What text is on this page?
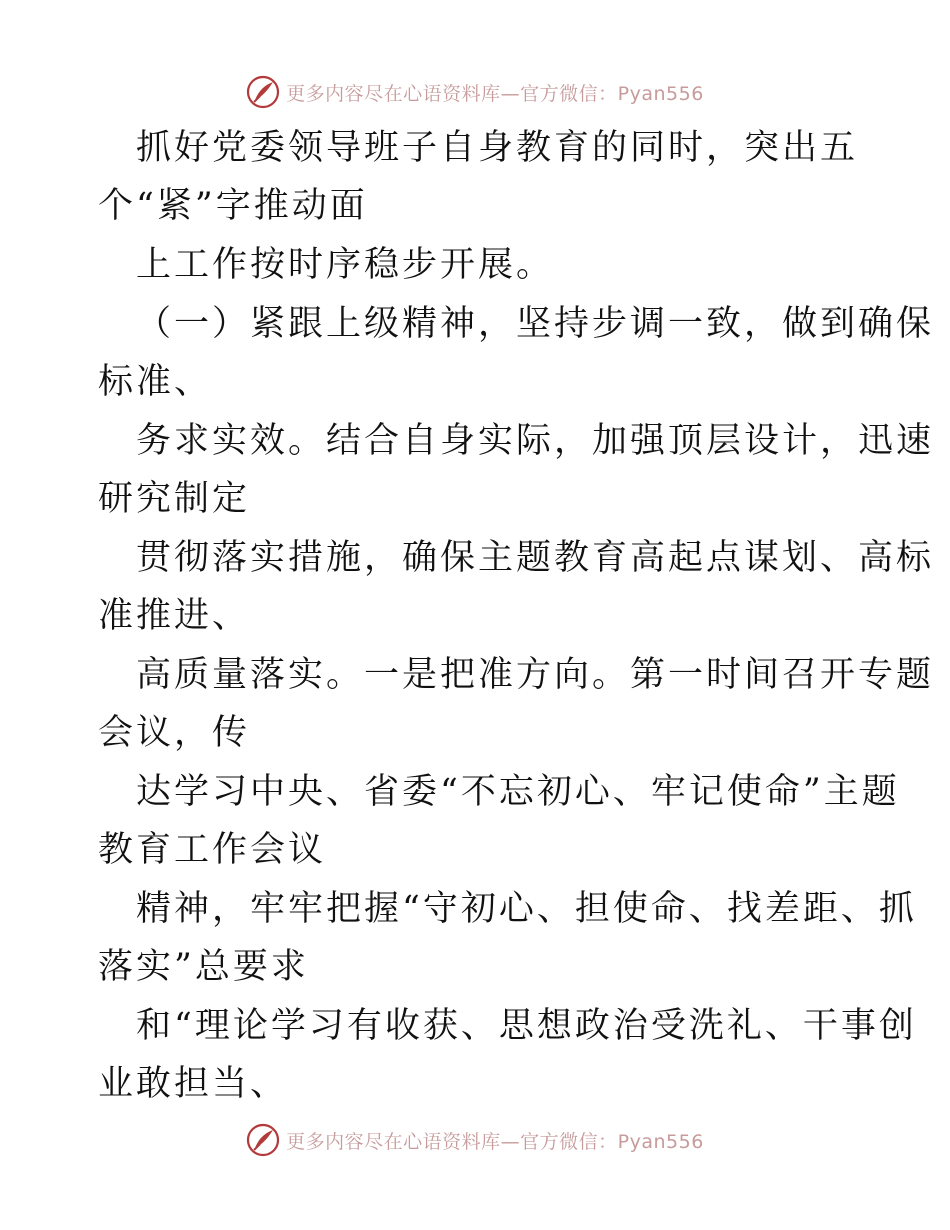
更多内容尽在心语资料库—官方微信：Pyan556
抓好党委领导班子自身教育的同时，突出五
个“紧”字推动面
上工作按时序稳步开展。
（一）紧跟上级精神，坚持步调一致，做到确保
标准、
务求实效。结合自身实际，加强顶层设计，迅速
研究制定
贯彻落实措施，确保主题教育高起点谋划、高标
准推进、
高质量落实。一是把准方向。第一时间召开专题
会议，传
达学习中央、省委“不忘初心、牢记使命”主题
教育工作会议
精神，牢牢把握“守初心、担使命、找差距、抓
落实”总要求
和“理论学习有收获、思想政治受洗礼、干事创
业敢担当、
更多内容尽在心语资料库—官方微信：Pyan556
